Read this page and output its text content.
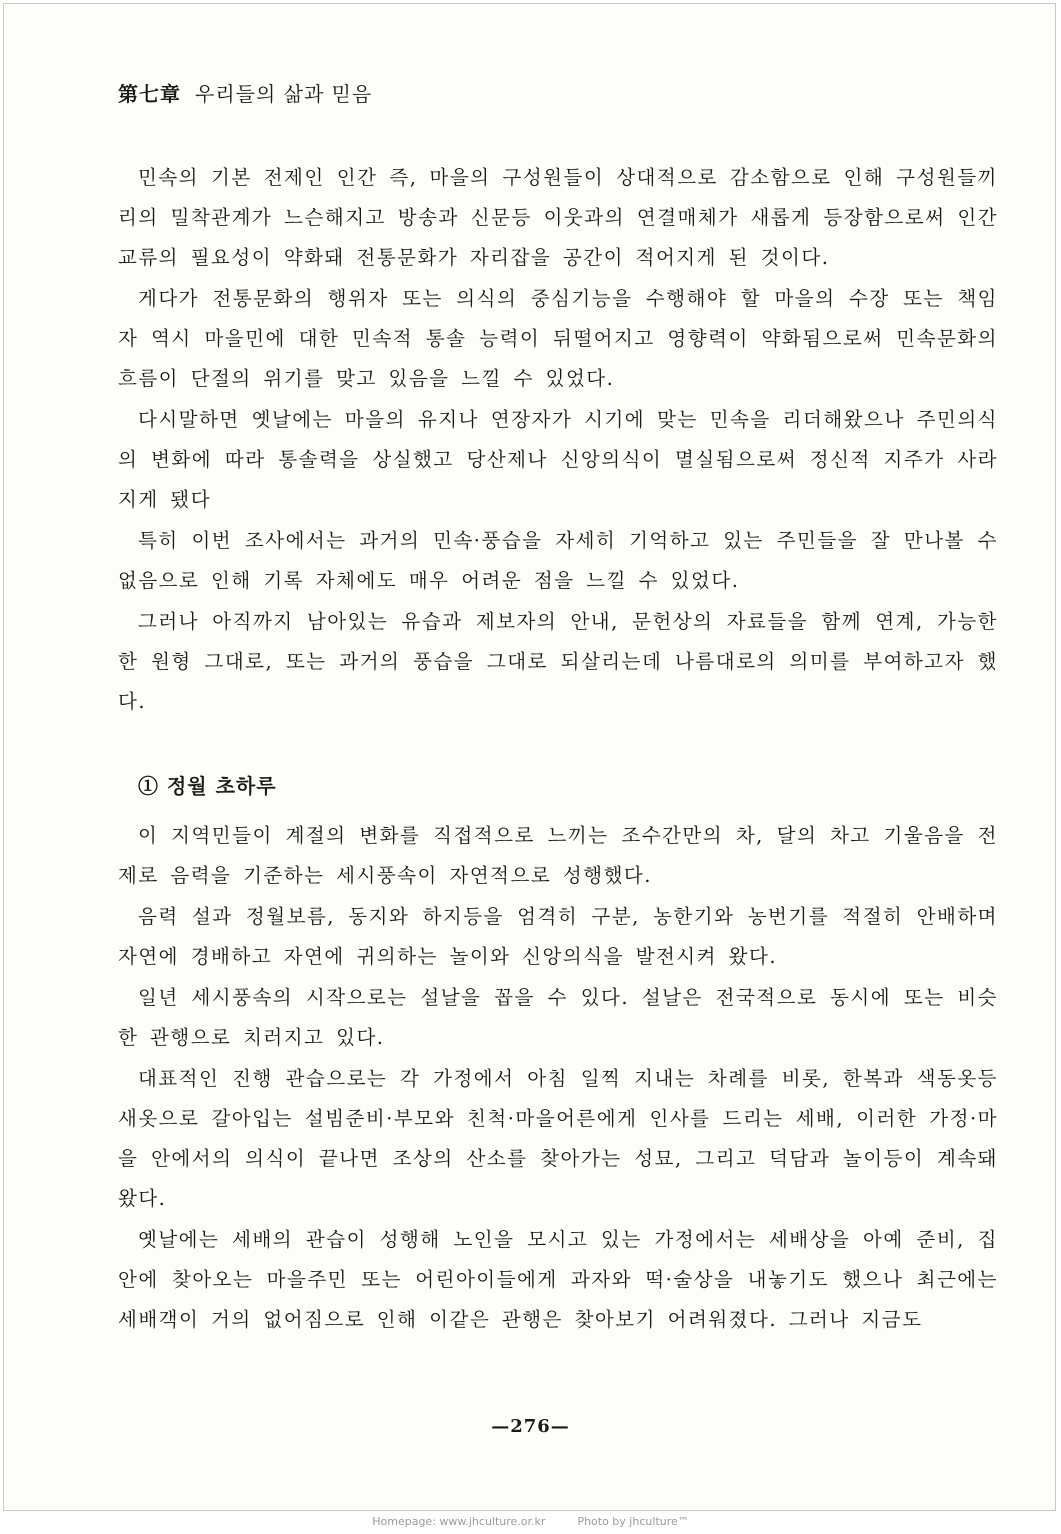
第七章 우리들의 삶과 믿음

민속의 기본 전제인 인간 즉, 마을의 구성원들이 상대적으로 감소함으로 인해 구성원들끼리의 밀착관계가 느슨해지고 방송과 신문등 이웃과의 연결매체가 새롭게 등장함으로써 인간 교류의 필요성이 약화돼 전통문화가 자리잡을 공간이 적어지게 된 것이다.

게다가 전통문화의 행위자 또는 의식의 중심기능을 수행해야 할 마을의 수장 또는 책임자 역시 마을민에 대한 민속적 통솔 능력이 뒤떨어지고 영향력이 약화됨으로써 민속문화의 흐름이 단절의 위기를 맞고 있음을 느낄 수 있었다.

다시말하면 옛날에는 마을의 유지나 연장자가 시기에 맞는 민속을 리더해왔으나 주민의식의 변화에 따라 통솔력을 상실했고 당산제나 신앙의식이 멸실됨으로써 정신적 지주가 사라지게 됐다

특히 이번 조사에서는 과거의 민속·풍습을 자세히 기억하고 있는 주민들을 잘 만나볼 수 없음으로 인해 기록 자체에도 매우 어려운 점을 느낄 수 있었다.

그러나 아직까지 남아있는 유습과 제보자의 안내, 문헌상의 자료들을 함께 연계, 가능한한 원형 그대로, 또는 과거의 풍습을 그대로 되살리는데 나름대로의 의미를 부여하고자 했다.

① 정월 초하루

이 지역민들이 계절의 변화를 직접적으로 느끼는 조수간만의 차, 달의 차고 기울음을 전제로 음력을 기준하는 세시풍속이 자연적으로 성행했다.

음력 설과 정월보름, 동지와 하지등을 엄격히 구분, 농한기와 농번기를 적절히 안배하며 자연에 경배하고 자연에 귀의하는 놀이와 신앙의식을 발전시켜 왔다.

일년 세시풍속의 시작으로는 설날을 꼽을 수 있다. 설날은 전국적으로 동시에 또는 비슷한 관행으로 치러지고 있다.

대표적인 진행 관습으로는 각 가정에서 아침 일찍 지내는 차례를 비롯, 한복과 색동옷등 새옷으로 갈아입는 설빔준비·부모와 친척·마을어른에게 인사를 드리는 세배, 이러한 가정·마을 안에서의 의식이 끝나면 조상의 산소를 찾아가는 성묘, 그리고 덕담과 놀이등이 계속돼 왔다.

옛날에는 세배의 관습이 성행해 노인을 모시고 있는 가정에서는 세배상을 아예 준비, 집안에 찾아오는 마을주민 또는 어린아이들에게 과자와 떡·술상을 내놓기도 했으나 최근에는 세배객이 거의 없어짐으로 인해 이같은 관행은 찾아보기 어려워졌다. 그러나 지금도

—276—
Homepage: www.jhculture.or.kr	Photo by jhculture™
